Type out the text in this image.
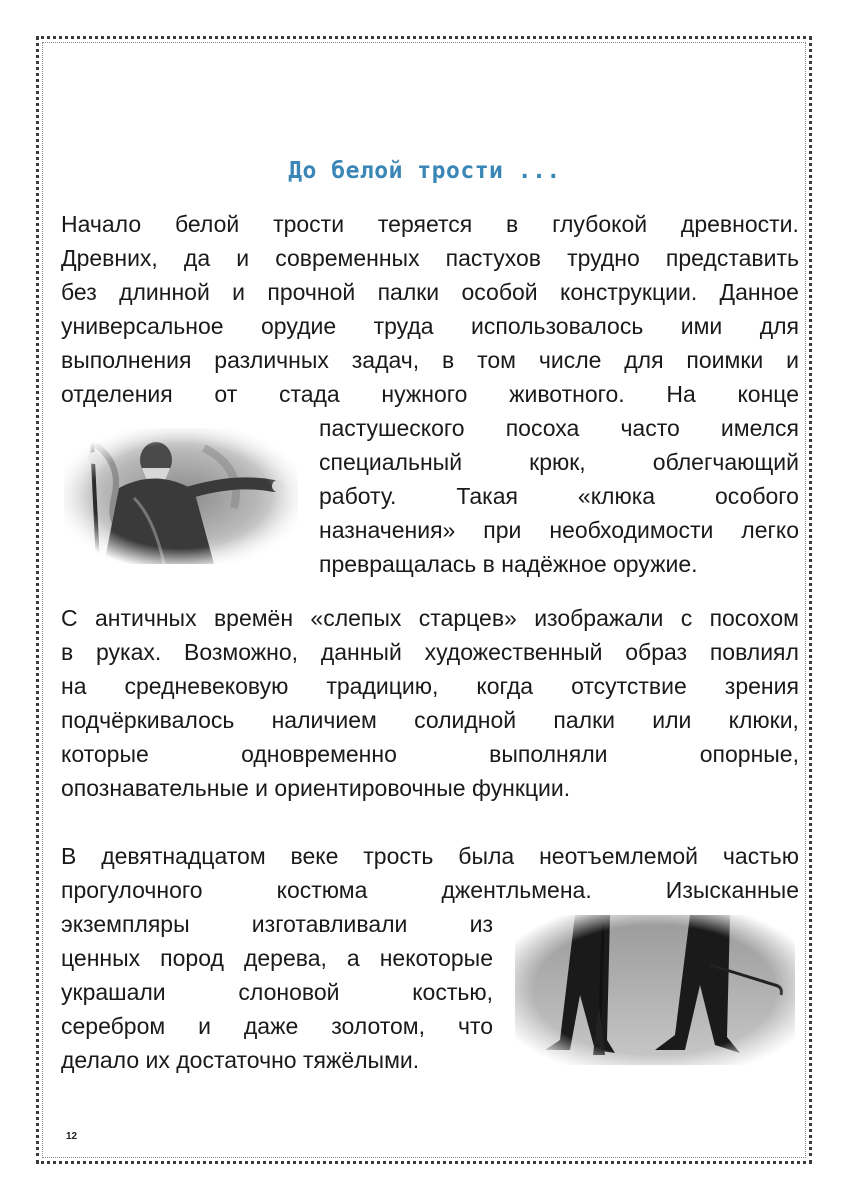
До белой трости ...
Начало белой трости теряется в глубокой древности.
Древних, да и современных пастухов трудно представить
без длинной и прочной палки особой конструкции. Данное
универсальное орудие труда использовалось ими для
выполнения различных задач, в том числе для поимки и
отделения от стада нужного животного. На конце
пастушеского посоха часто имелся
специальный	крюк,	облегчающий
работу.	Такая	«клюка	особого
назначения» при необходимости легко
превращалась в надёжное оружие.
С античных времён «слепых старцев» изображали с посохом
в руках. Возможно, данный художественный образ повлиял
на средневековую традицию, когда отсутствие зрения
подчёркивалось наличием солидной палки или клюки,
которые	одновременно	выполняли	опорные,
опознавательные и ориентировочные функции.
В девятнадцатом веке трость была неотъемлемой частью
прогулочного	костюма	джентльмена.	Изысканные
экземпляры	изготавливали	из
ценных пород дерева, а некоторые
украшали	слоновой	костью,
серебром и даже золотом, что
делало их достаточно тяжёлыми.
12
